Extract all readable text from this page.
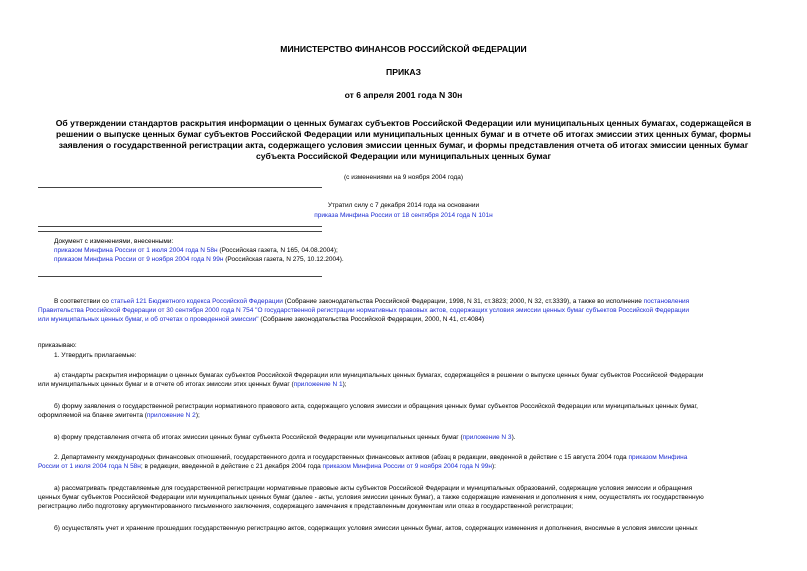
МИНИСТЕРСТВО ФИНАНСОВ РОССИЙСКОЙ ФЕДЕРАЦИИ
ПРИКАЗ
от 6 апреля 2001 года N 30н
Об утверждении стандартов раскрытия информации о ценных бумагах субъектов Российской Федерации или муниципальных ценных бумагах, содержащейся в
решении о выпуске ценных бумаг субъектов Российской Федерации или муниципальных ценных бумаг и в отчете об итогах эмиссии этих ценных бумаг, формы
заявления о государственной регистрации акта, содержащего условия эмиссии ценных бумаг, и формы представления отчета об итогах эмиссии ценных бумаг
субъекта Российской Федерации или муниципальных ценных бумаг
(с изменениями на 9 ноября 2004 года)
Утратил силу с 7 декабря 2014 года на основании
приказа Минфина России от 18 сентября 2014 года N 101н
Документ с изменениями, внесенными:
приказом Минфина России от 1 июля 2004 года N 58н (Российская газета, N 165, 04.08.2004);
приказом Минфина России от 9 ноября 2004 года N 99н (Российская газета, N 275, 10.12.2004).
В соответствии со статьей 121 Бюджетного кодекса Российской Федерации (Собрание законодательства Российской Федерации, 1998, N 31, ст.3823; 2000, N 32, ст.3339), а также во исполнение постановления
Правительства Российской Федерации от 30 сентября 2000 года N 754 "О государственной регистрации нормативных правовых актов, содержащих условия эмиссии ценных бумаг субъектов Российской Федерации
или муниципальных ценных бумаг, и об отчетах о проведенной эмиссии" (Собрание законодательства Российской Федерации, 2000, N 41, ст.4084)
приказываю:
1. Утвердить прилагаемые:
а) стандарты раскрытия информации о ценных бумагах субъектов Российской Федерации или муниципальных ценных бумагах, содержащейся в решении о выпуске ценных бумаг субъектов Российской Федерации
или муниципальных ценных бумаг и в отчете об итогах эмиссии этих ценных бумаг (приложение N 1);
б) форму заявления о государственной регистрации нормативного правового акта, содержащего условия эмиссии и обращения ценных бумаг субъектов Российской Федерации или муниципальных ценных бумаг,
оформляемой на бланке эмитента (приложение N 2);
в) форму представления отчета об итогах эмиссии ценных бумаг субъекта Российской Федерации или муниципальных ценных бумаг (приложение N 3).
2. Департаменту международных финансовых отношений, государственного долга и государственных финансовых активов (абзац в редакции, введенной в действие с 15 августа 2004 года приказом Минфина
России от 1 июля 2004 года N 58н; в редакции, введенной в действие с 21 декабря 2004 года приказом Минфина России от 9 ноября 2004 года N 99н):
а) рассматривать представляемые для государственной регистрации нормативные правовые акты субъектов Российской Федерации и муниципальных образований, содержащие условия эмиссии и обращения
ценных бумаг субъектов Российской Федерации или муниципальных ценных бумаг (далее - акты, условия эмиссии ценных бумаг), а также содержащие изменения и дополнения к ним, осуществлять их государственную
регистрацию либо подготовку аргументированного письменного заключения, содержащего замечания к представленным документам или отказ в государственной регистрации;
б) осуществлять учет и хранение прошедших государственную регистрацию актов, содержащих условия эмиссии ценных бумаг, актов, содержащих изменения и дополнения, вносимые в условия эмиссии ценных
